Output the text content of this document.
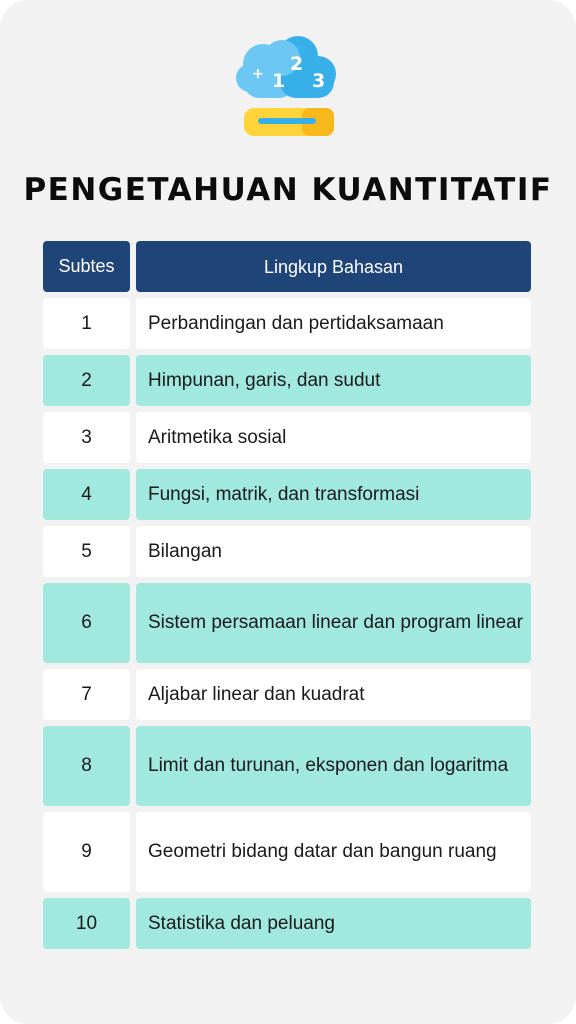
+ 1
2
3
PENGETAHUAN KUANTITATIF
Subtes	Lingkup Bahasan
1	Perbandingan dan pertidaksamaan
2	Himpunan, garis, dan sudut
3	Aritmetika sosial
4	Fungsi, matrik, dan transformasi
5	Bilangan
6	Sistem persamaan linear dan program linear
7	Aljabar linear dan kuadrat
8	Limit dan turunan, eksponen dan logaritma
9	Geometri bidang datar dan bangun ruang
10	Statistika dan peluang
